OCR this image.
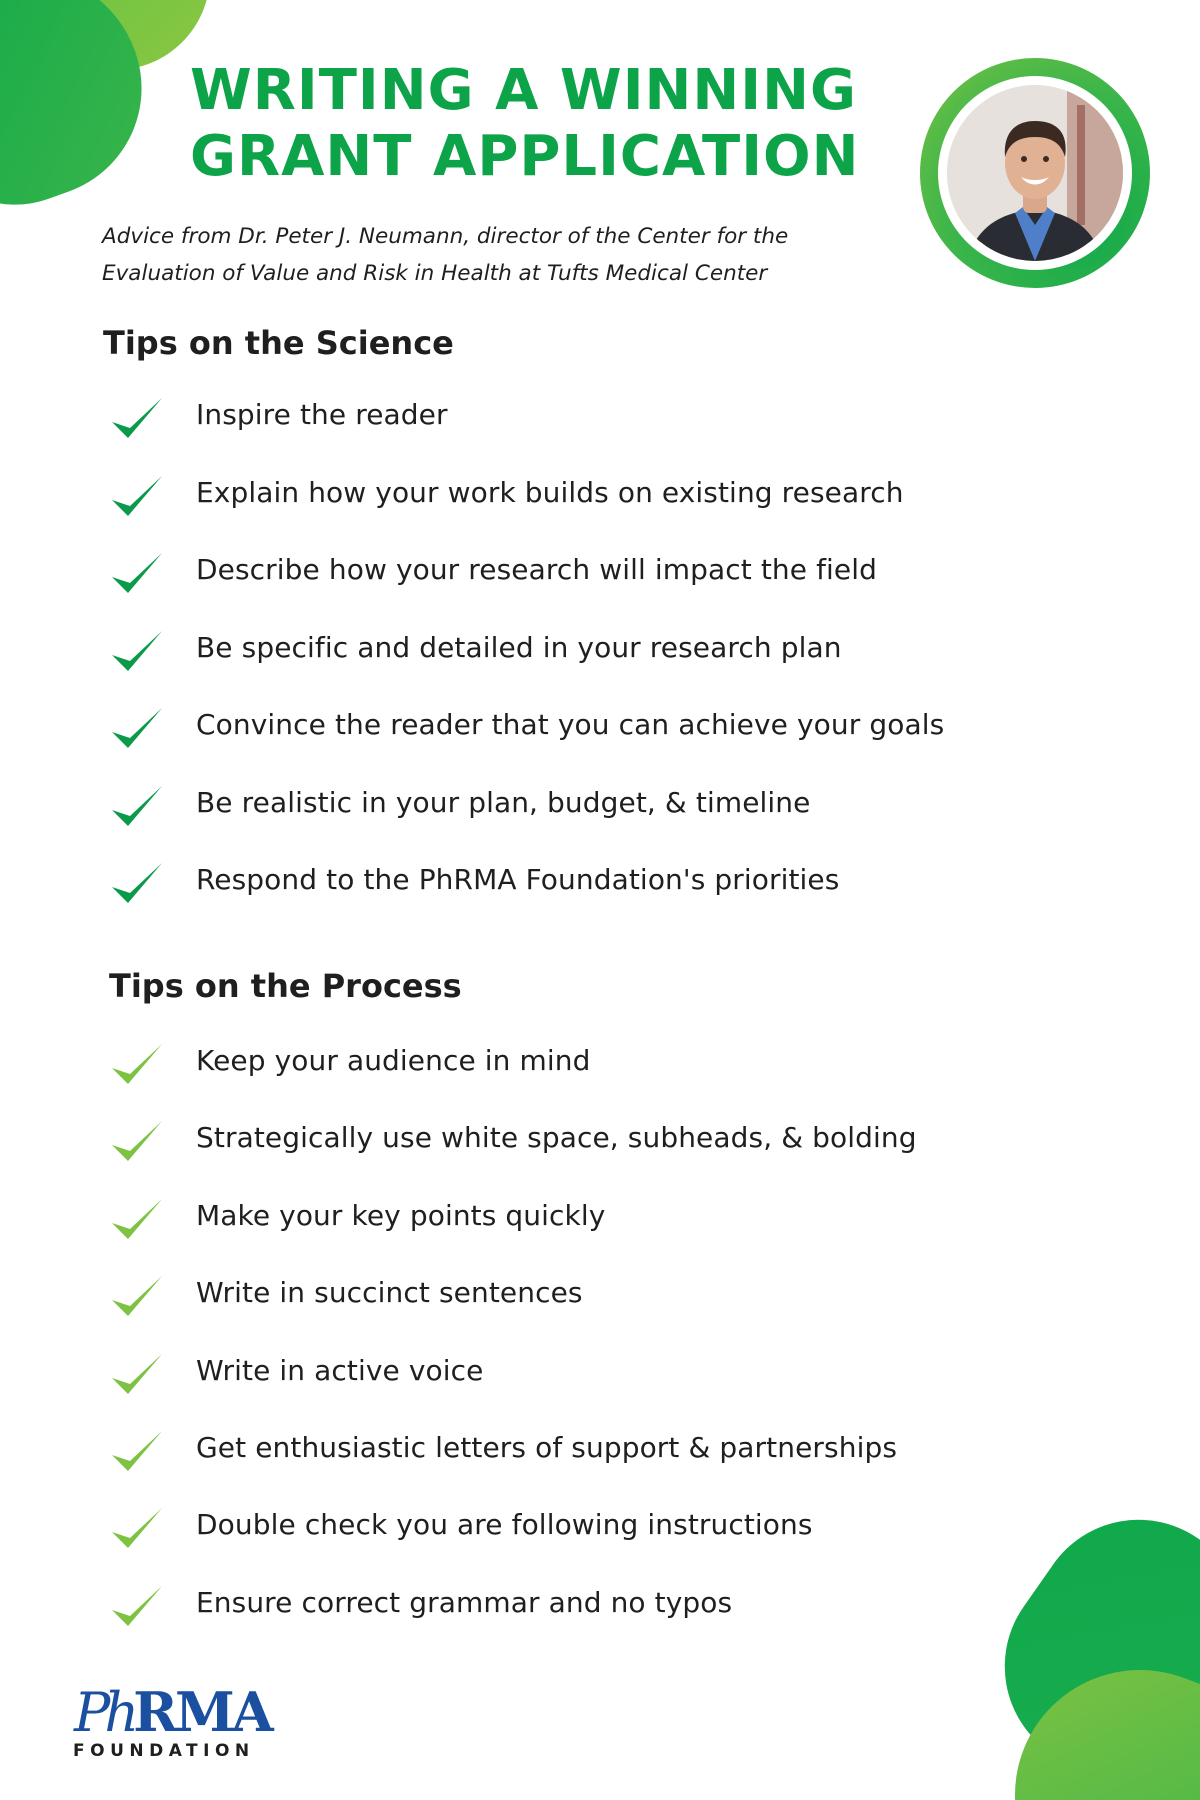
WRITING A WINNING
GRANT APPLICATION

Advice from Dr. Peter J. Neumann, director of the Center for the
Evaluation of Value and Risk in Health at Tufts Medical Center

Tips on the Science
Inspire the reader
Explain how your work builds on existing research
Describe how your research will impact the field
Be specific and detailed in your research plan
Convince the reader that you can achieve your goals
Be realistic in your plan, budget, & timeline
Respond to the PhRMA Foundation's priorities
Tips on the Process
Keep your audience in mind
Strategically use white space, subheads, & bolding
Make your key points quickly
Write in succinct sentences
Write in active voice
Get enthusiastic letters of support & partnerships
Double check you are following instructions
Ensure correct grammar and no typos
PhRMA
FOUNDATION
